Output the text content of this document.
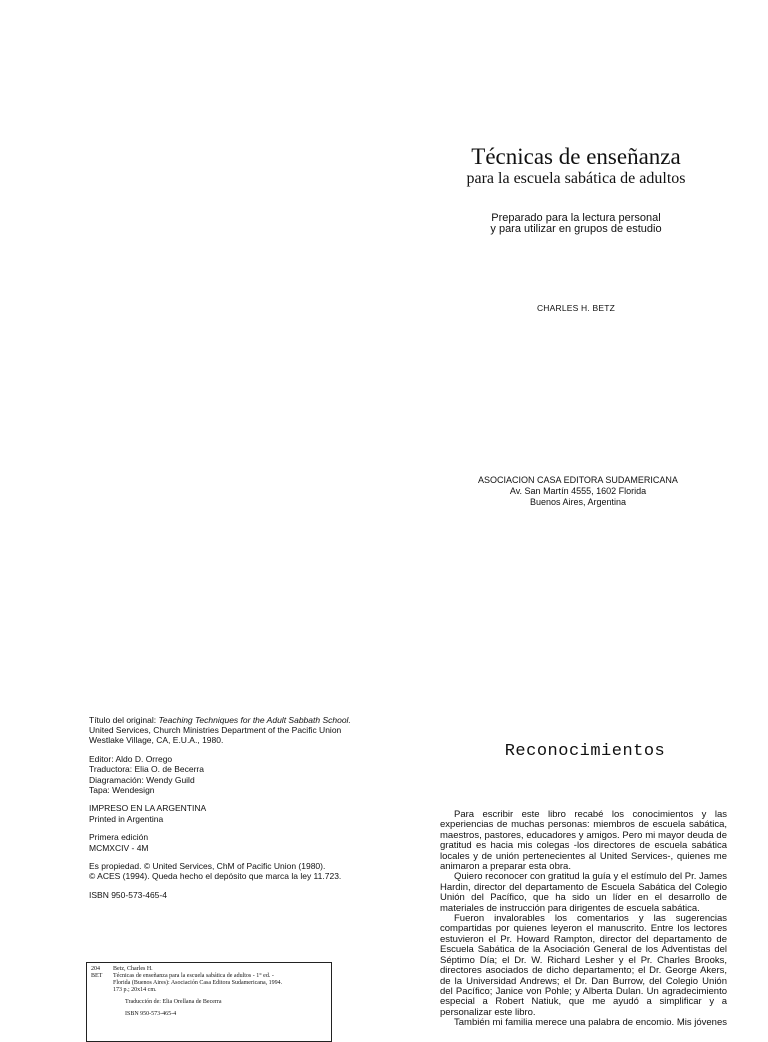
Técnicas de enseñanza

para la escuela sabática de adultos

Preparado para la lectura personal
y para utilizar en grupos de estudio
CHARLES H. BETZ
ASOCIACION CASA EDITORA SUDAMERICANA
Av. San Martín 4555, 1602 Florida
Buenos Aires, Argentina

Título del original: Teaching Techniques for the Adult Sabbath School.

United Services, Church Ministries Department of the Pacific Union

Westlake Village, CA, E.U.A., 1980.

Editor: Aldo D. Orrego

Traductora: Elia O. de Becerra

Diagramación: Wendy Guild

Tapa: Wendesign

IMPRESO EN LA ARGENTINA

Printed in Argentina

Primera edición

MCMXCIV - 4M

Es propiedad. © United Services, ChM of Pacific Union (1980).

© ACES (1994). Queda hecho el depósito que marca la ley 11.723.

ISBN 950-573-465-4

204	Betz, Charles H.
BET	Técnicas de enseñanza para la escuela sabática de adultos - 1° ed. -
Florida (Buenos Aires): Asociación Casa Editora Sudamericana, 1994.
173 p.; 20x14 cm.
Traducción de: Elia Orellana de Becerra
ISBN 950-573-465-4
Reconocimientos

Para escribir este libro recabé los conocimientos y las experiencias de muchas personas: miembros de escuela sabática, maestros, pastores, educadores y amigos. Pero mi mayor deuda de gratitud es hacia mis colegas -los directores de escuela sabática locales y de unión pertenecientes al United Services-, quienes me animaron a preparar esta obra.

Quiero reconocer con gratitud la guía y el estímulo del Pr. James Hardin, director del departamento de Escuela Sabática del Colegio Unión del Pacífico, que ha sido un líder en el desarrollo de materiales de instrucción para dirigentes de escuela sabática.

Fueron invalorables los comentarios y las sugerencias compartidas por quienes leyeron el manuscrito. Entre los lectores estuvieron el Pr. Howard Rampton, director del departamento de Escuela Sabática de la Asociación General de los Adventistas del Séptimo Día; el Dr. W. Richard Lesher y el Pr. Charles Brooks, directores asociados de dicho departamento; el Dr. George Akers, de la Universidad Andrews; el Dr. Dan Burrow, del Colegio Unión del Pacífico; Janice von Pohle; y Alberta Dulan. Un agradecimiento especial a Robert Natiuk, que me ayudó a simplificar y a personalizar este libro.

También mi familia merece una palabra de encomio. Mis jóvenes
